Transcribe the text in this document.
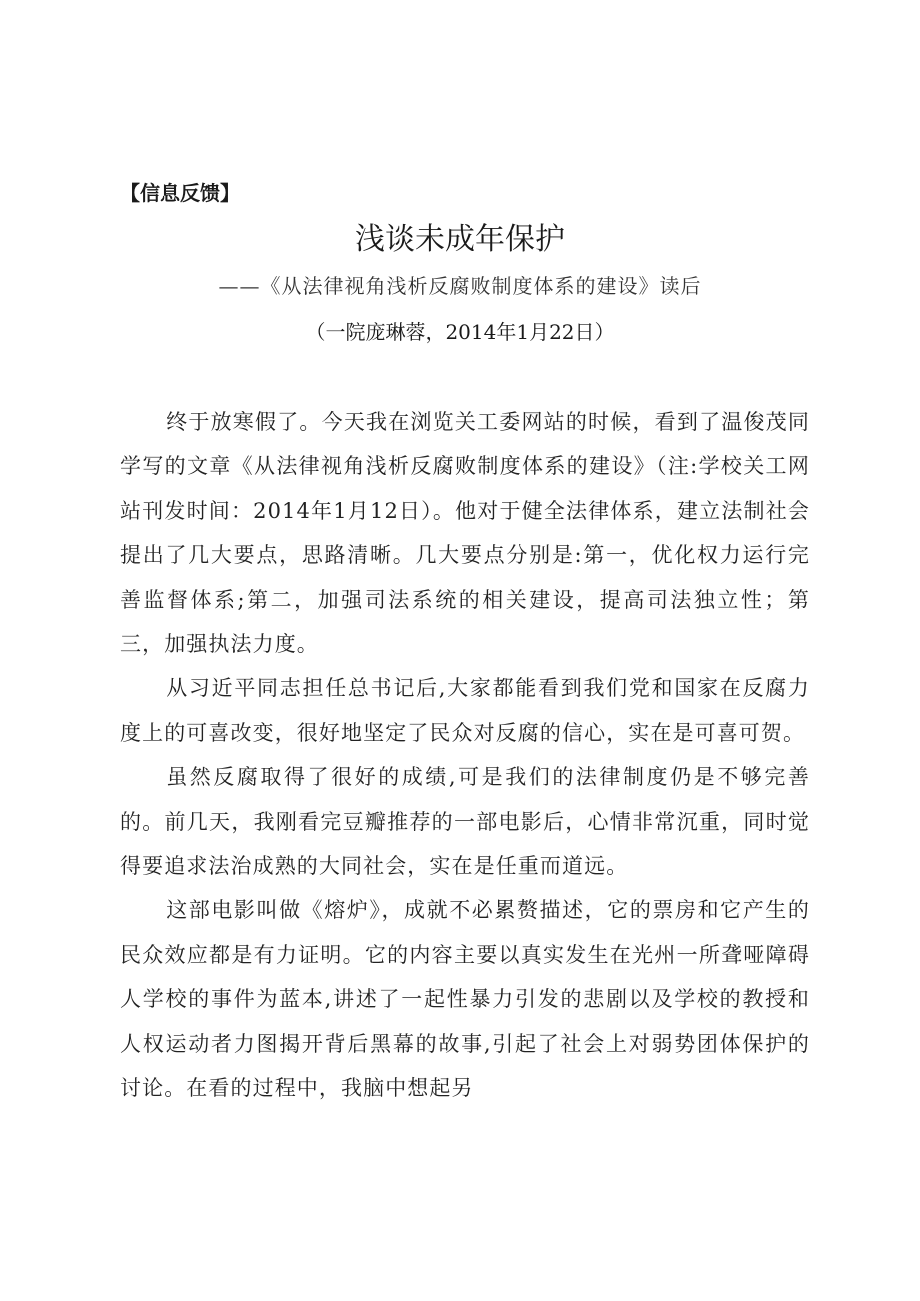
【信息反馈】
浅谈未成年保护
——《从法律视角浅析反腐败制度体系的建设》读后
（一院庞琳蓉，2014年1月22日）

终于放寒假了。今天我在浏览关工委网站的时候，看到了温俊茂同学写的文章《从法律视角浅析反腐败制度体系的建设》（注:学校关工网站刊发时间：2014年1月12日）。他对于健全法律体系，建立法制社会提出了几大要点，思路清晰。几大要点分别是:第一，优化权力运行完善监督体系;第二，加强司法系统的相关建设，提高司法独立性；第三，加强执法力度。

从习近平同志担任总书记后,大家都能看到我们党和国家在反腐力度上的可喜改变，很好地坚定了民众对反腐的信心，实在是可喜可贺。

虽然反腐取得了很好的成绩,可是我们的法律制度仍是不够完善的。前几天，我刚看完豆瓣推荐的一部电影后，心情非常沉重，同时觉得要追求法治成熟的大同社会，实在是任重而道远。

这部电影叫做《熔炉》，成就不必累赘描述，它的票房和它产生的民众效应都是有力证明。它的内容主要以真实发生在光州一所聋哑障碍人学校的事件为蓝本,讲述了一起性暴力引发的悲剧以及学校的教授和人权运动者力图揭开背后黑幕的故事,引起了社会上对弱势团体保护的讨论。在看的过程中，我脑中想起另
